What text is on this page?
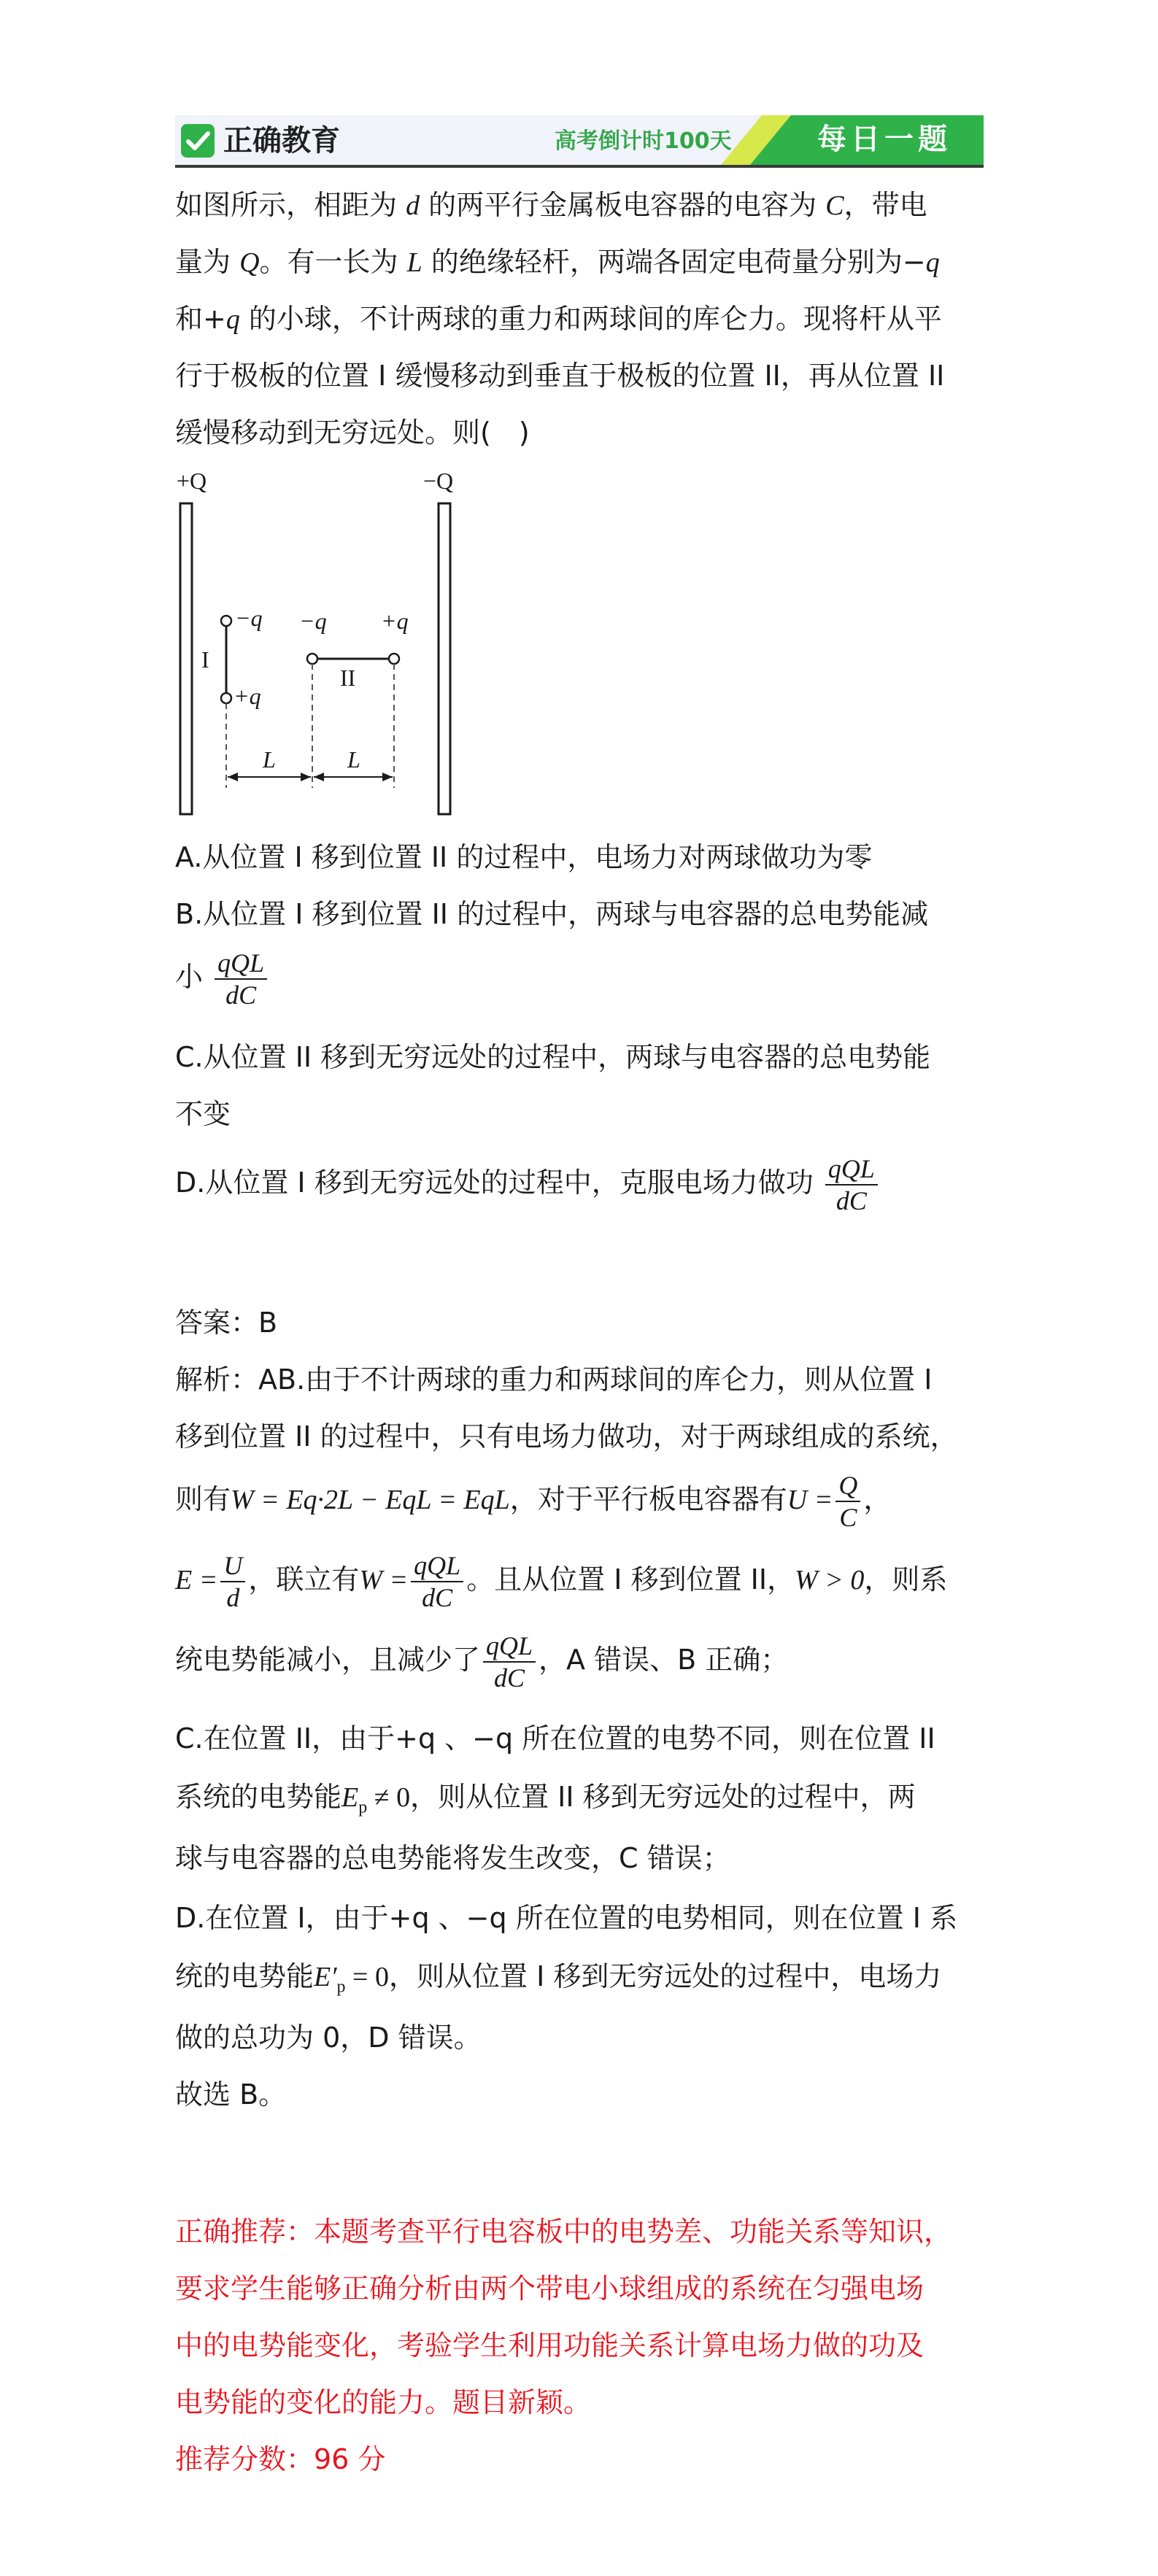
正确教育	高考倒计时100天	每日一题
如图所示，相距为 d 的两平行金属板电容器的电容为 C，带电
量为 Q。有一长为 L 的绝缘轻杆，两端各固定电荷量分别为−q
和+q 的小球，不计两球的重力和两球间的库仑力。现将杆从平
行于极板的位置 I 缓慢移动到垂直于极板的位置 II，再从位置 II
缓慢移动到无穷远处。则(　)
+Q	−Q
−q
+q
I
−q +q
II
L	L
A.从位置 I 移到位置 II 的过程中，电场力对两球做功为零
B.从位置 I 移到位置 II 的过程中，两球与电容器的总电势能减
小 $\frac{\text{qQL}}{dC}$
C.从位置 II 移到无穷远处的过程中，两球与电容器的总电势能
不变
D.从位置 I 移到无穷远处的过程中，克服电场力做功 $\frac{\text{qQL}}{dC}$
答案：B
解析：AB.由于不计两球的重力和两球间的库仑力，则从位置 I
移到位置 II 的过程中，只有电场力做功，对于两球组成的系统，
则有W = Eq·2L − EqL = EqL，对于平行板电容器有$U = \frac{Q}{C}$ ，
$E = \frac{U}{d}$ ，联立有$W = \frac{\text{qQL}}{dC}$ 。且从位置 I 移到位置 II，W > 0，则系
统电势能减小，且减少了 $\frac{\text{qQL}}{dC}$ ，A 错误、B 正确；
C.在位置 II，由于+q 、−q 所在位置的电势不同，则在位置 II
系统的电势能$E_p \ne 0$，则从位置 II 移到无穷远处的过程中，两
球与电容器的总电势能将发生改变，C 错误；
D.在位置 I，由于+q 、−q 所在位置的电势相同，则在位置 I 系
统的电势能$E'_p = 0$，则从位置 I 移到无穷远处的过程中，电场力
做的总功为 0，D 错误。
故选 B。
正确推荐：本题考查平行电容板中的电势差、功能关系等知识，
要求学生能够正确分析由两个带电小球组成的系统在匀强电场
中的电势能变化，考验学生利用功能关系计算电场力做的功及
电势能的变化的能力。题目新颖。
推荐分数：96 分
